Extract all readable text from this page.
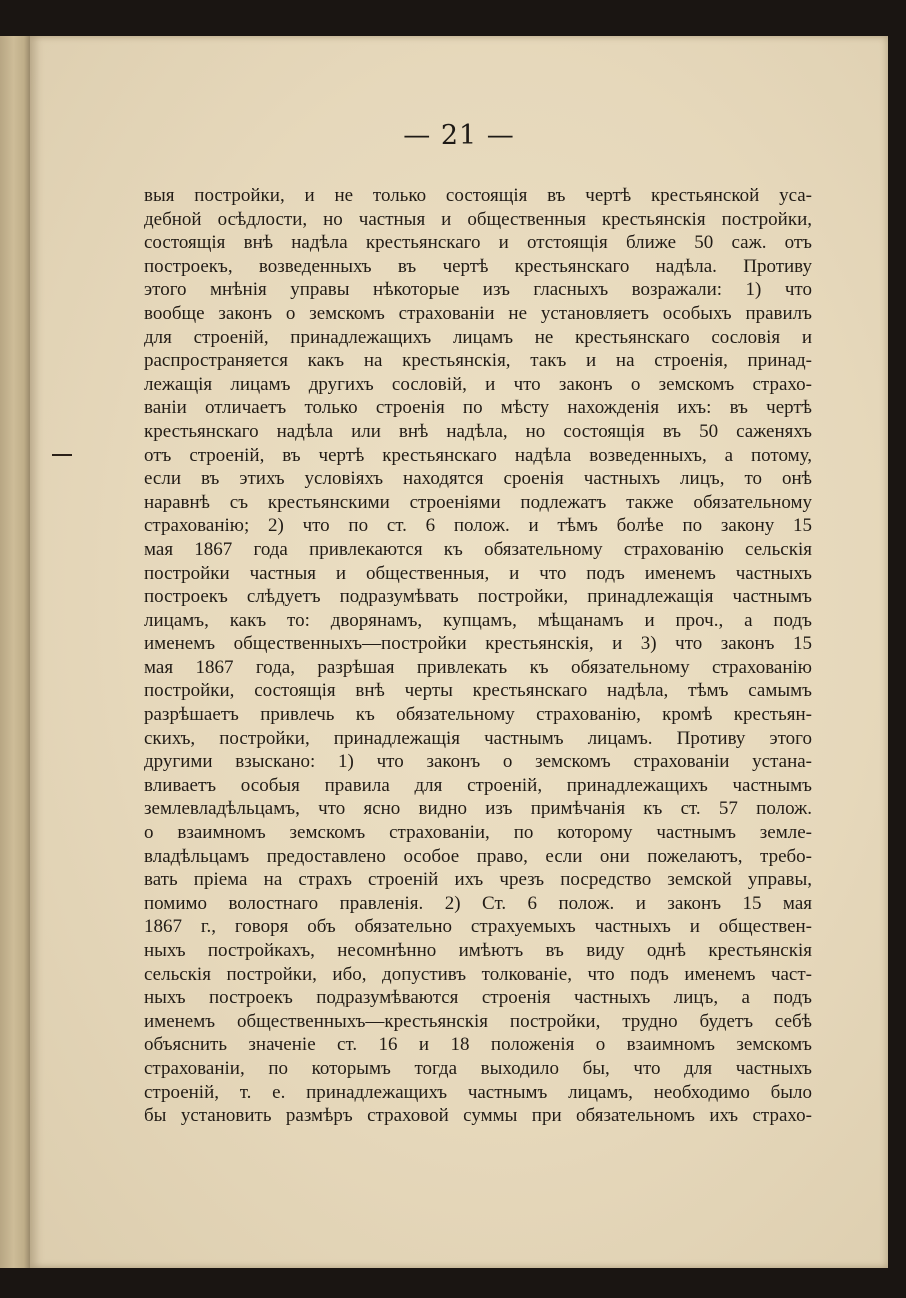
— 21 —
выя постройки, и не только состоящія въ чертѣ крестьянской уса-
дебной осѣдлости, но частныя и общественныя крестьянскія постройки,
состоящія внѣ надѣла крестьянскаго и отстоящія ближе 50 саж. отъ
построекъ, возведенныхъ въ чертѣ крестьянскаго надѣла. Противу
этого мнѣнія управы нѣкоторые изъ гласныхъ возражали: 1) что
вообще законъ о земскомъ страхованіи не установляетъ особыхъ правилъ
для строеній, принадлежащихъ лицамъ не крестьянскаго сословія и
распространяется какъ на крестьянскія, такъ и на строенія, принад-
лежащія лицамъ другихъ сословій, и что законъ о земскомъ страхо-
ваніи отличаетъ только строенія по мѣсту нахожденія ихъ: въ чертѣ
крестьянскаго надѣла или внѣ надѣла, но состоящія въ 50 саженяхъ
отъ строеній, въ чертѣ крестьянскаго надѣла возведенныхъ, а потому,
если въ этихъ условіяхъ находятся сроенія частныхъ лицъ, то онѣ
наравнѣ съ крестьянскими строеніями подлежатъ также обязательному
страхованію; 2) что по ст. 6 полож. и тѣмъ болѣе по закону 15
мая 1867 года привлекаются къ обязательному страхованію сельскія
постройки частныя и общественныя, и что подъ именемъ частныхъ
построекъ слѣдуетъ подразумѣвать постройки, принадлежащія частнымъ
лицамъ, какъ то: дворянамъ, купцамъ, мѣщанамъ и проч., а подъ
именемъ общественныхъ—постройки крестьянскія, и 3) что законъ 15
мая 1867 года, разрѣшая привлекать къ обязательному страхованію
постройки, состоящія внѣ черты крестьянскаго надѣла, тѣмъ самымъ
разрѣшаетъ привлечь къ обязательному страхованію, кромѣ крестьян-
скихъ, постройки, принадлежащія частнымъ лицамъ. Противу этого
другими взыскано: 1) что законъ о земскомъ страхованіи устана-
вливаетъ особыя правила для строеній, принадлежащихъ частнымъ
землевладѣльцамъ, что ясно видно изъ примѣчанія къ ст. 57 полож.
о взаимномъ земскомъ страхованіи, по которому частнымъ земле-
владѣльцамъ предоставлено особое право, если они пожелаютъ, требо-
вать пріема на страхъ строеній ихъ чрезъ посредство земской управы,
помимо волостнаго правленія. 2) Ст. 6 полож. и законъ 15 мая
1867 г., говоря объ обязательно страхуемыхъ частныхъ и обществен-
ныхъ постройкахъ, несомнѣнно имѣютъ въ виду однѣ крестьянскія
сельскія постройки, ибо, допустивъ толкованіе, что подъ именемъ част-
ныхъ построекъ подразумѣваются строенія частныхъ лицъ, а подъ
именемъ общественныхъ—крестьянскія постройки, трудно будетъ себѣ
объяснить значеніе ст. 16 и 18 положенія о взаимномъ земскомъ
страхованіи, по которымъ тогда выходило бы, что для частныхъ
строеній, т. е. принадлежащихъ частнымъ лицамъ, необходимо было
бы установить размѣръ страховой суммы при обязательномъ ихъ страхо-
